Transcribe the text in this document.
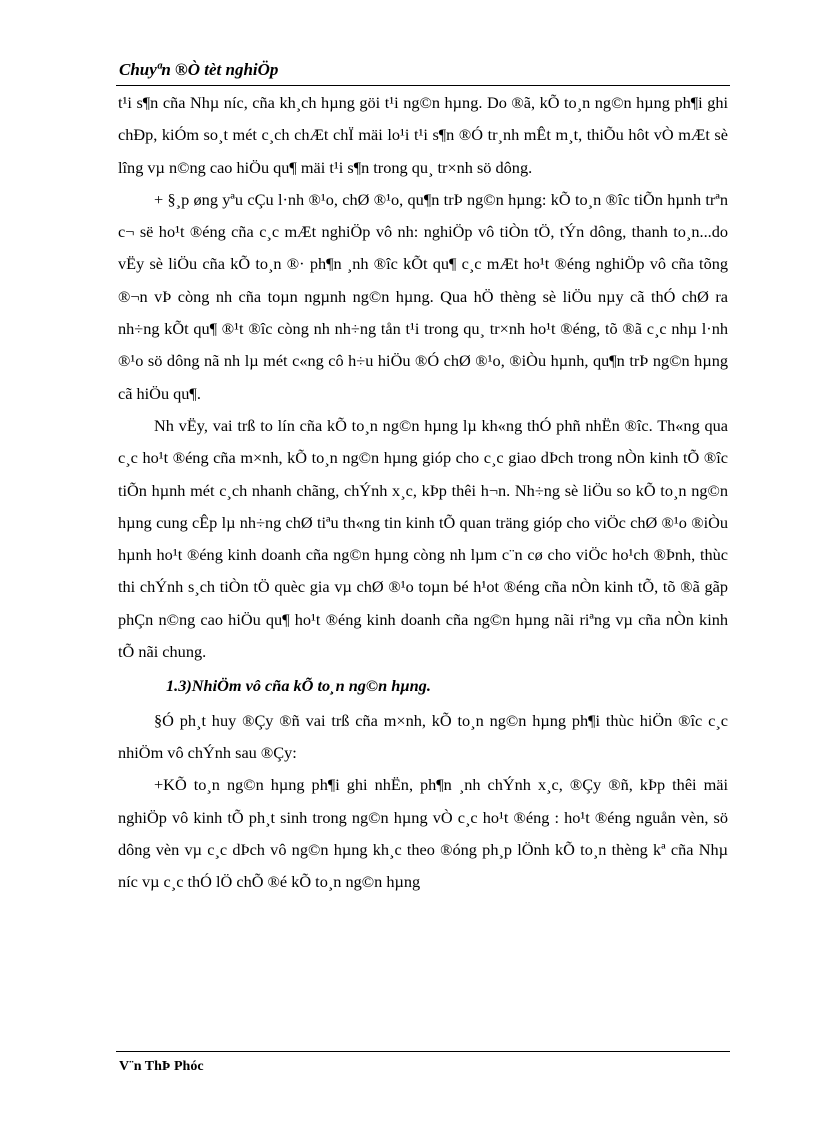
Chuyªn ®Ò tèt nghiÖp

t¹i s¶n cña Nhµ níc, cña kh¸ch hµng göi t¹i ng©n hµng. Do ®ã, kÕ to¸n ng©n hµng ph¶i ghi chÐp, kiÓm so¸t mét c¸ch chÆt chÏ mäi lo¹i t¹i s¶n ®Ó tr¸nh mÊt m¸t, thiÕu hôt vÒ mÆt sè lîng vµ n©ng cao hiÖu qu¶ mäi t¹i s¶n trong qu¸ tr×nh sö dông.

+ §¸p øng yªu cÇu l·nh ®¹o, chØ ®¹o, qu¶n trÞ ng©n hµng: kÕ to¸n ®îc tiÕn hµnh trªn c¬ së ho¹t ®éng cña c¸c mÆt nghiÖp vô nh: nghiÖp vô tiÒn tÖ, tÝn dông, thanh to¸n...do vËy sè liÖu cña kÕ to¸n ®· ph¶n ¸nh ®îc kÕt qu¶ c¸c mÆt ho¹t ®éng nghiÖp vô cña tõng ®¬n vÞ còng nh cña toµn ngµnh ng©n hµng. Qua hÖ thèng sè liÖu nµy cã thÓ chØ ra nh÷ng kÕt qu¶ ®¹t ®îc còng nh nh÷ng tån t¹i trong qu¸ tr×nh ho¹t ®éng, tõ ®ã c¸c nhµ l·nh ®¹o sö dông nã nh lµ mét c«ng cô h÷u hiÖu ®Ó chØ ®¹o, ®iÒu hµnh, qu¶n trÞ ng©n hµng cã hiÖu qu¶.

Nh vËy, vai trß to lín cña kÕ to¸n ng©n hµng lµ kh«ng thÓ phñ nhËn ®îc. Th«ng qua c¸c ho¹t ®éng cña m×nh, kÕ to¸n ng©n hµng gióp cho c¸c giao dÞch trong nÒn kinh tÕ ®îc tiÕn hµnh mét c¸ch nhanh chãng, chÝnh x¸c, kÞp thêi h¬n. Nh÷ng sè liÖu so kÕ to¸n ng©n hµng cung cÊp lµ nh÷ng chØ tiªu th«ng tin kinh tÕ quan träng gióp cho viÖc chØ ®¹o ®iÒu hµnh ho¹t ®éng kinh doanh cña ng©n hµng còng nh lµm c¨n cø cho viÖc ho¹ch ®Þnh, thùc thi chÝnh s¸ch tiÒn tÖ quèc gia vµ chØ ®¹o toµn bé h¹ot ®éng cña nÒn kinh tÕ, tõ ®ã gãp phÇn n©ng cao hiÖu qu¶ ho¹t ®éng kinh doanh cña ng©n hµng nãi riªng vµ cña nÒn kinh tÕ nãi chung.

1.3)NhiÖm vô cña kÕ to¸n ng©n hµng.

§Ó ph¸t huy ®Çy ®ñ vai trß cña m×nh, kÕ to¸n ng©n hµng ph¶i thùc hiÖn ®îc c¸c nhiÖm vô chÝnh sau ®Çy:

+KÕ to¸n ng©n hµng ph¶i ghi nhËn, ph¶n ¸nh chÝnh x¸c, ®Çy ®ñ, kÞp thêi mäi nghiÖp vô kinh tÕ ph¸t sinh trong ng©n hµng vÒ c¸c ho¹t ®éng : ho¹t ®éng nguån vèn, sö dông vèn vµ c¸c dÞch vô ng©n hµng kh¸c theo ®óng ph¸p lÖnh kÕ to¸n thèng kª cña Nhµ níc vµ c¸c thÓ lÖ chÕ ®é kÕ to¸n ng©n hµng

V¨n ThÞ Phóc
